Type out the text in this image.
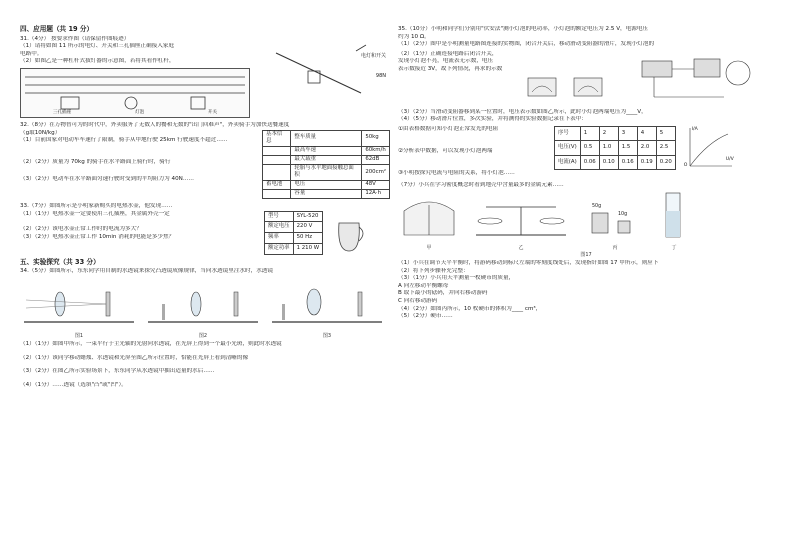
四、应用题（共 19 分）
31.（4分） 按要求作图（请保留作图痕迹）
（1）请将如图 11 所示的电灯、开关和三孔插座正确接入家庭
电路中。
（2）如图乙是一种杠杆式拔钉器的示意图，若将其看作杠杆，
三孔插座	灯泡	开关
电灯和开关
98N
32.（8分）在万物智可为的时代中，外卖服务了无数人的餐和无数的"出门回难声"，外卖骑手为加快送餐速度
（g取10N/kg）
（1）目前国家对电动车车速行了限制，骑手从甲地行驶 25km 行驶速度不超过……
（2）（2分）质量为 70kg 的骑手在水平路面上骑行时，骑行
（3）（2分）电动车在水平路面匀速行驶时受到的平均阻力为 40N……
基本信息	整车质量	50kg
	最高车速	60km/h
	最大载重	62dB
	轮胎与水平地面接触总面积	200cm²
蓄电池	电压	48V
	容量	12A·h
33.（7分）如图所示是小明家新购买的电热水壶，他发现……
（1）（1分）电热水壶一定要使用三孔插座，其金属外壳一定
（2）（2分）该电水壶正常工作时的电流为多大？
（3）（2分）电热水壶正常工作 10min 消耗的电能是多少焦？
型号	SYL-520
额定电压	220 V
频率	50 Hz
额定功率	1 210 W
五、实验探究（共 33 分）
34.（5分）如图所示，东东同学用自制的水透镜来探究凸透镜成像规律，当向水透镜里注水时，水透镜
图1	图2	图3
（1）（1分）如图甲所示，一束平行于主光轴的光射向水透镜，在光屏上得到一个最小光斑，则此时水透镜
（2）（1分）该同学移动蜡烛、水透镜和光屏至图乙所示位置时，恰能在光屏上看到清晰的像
（3）（2分）在图乙所示实验场景下，东东同学从水透镜中抽出适量的水后……
（4）（1分）……透镜（选填"凸"或"凹"）。
35.（10分）小明和同学们分别用"伏安法"测小灯泡的电功率，小灯泡的额定电压为 2.5 V，电源电压
约为 10 Ω。
（1）（2分）图甲是小明测量电路图连接的实物图，闭合开关后，移动滑动变阻器的滑片，发现小灯泡的
（2）（1分）正确连接电路后闭合开关，
发现小灯泡不亮，电流表无示数，电压
表示数接近 3V，故下列情况，再求的示数
（3）（2分）当滑动变阻器移到某一位置时，电压表示数如图乙所示，此时小灯泡两端电压为____V，
（4）（5分）移动滑片位置，多次实验，并将测得的实验数据记录在下表中：
①由表格数据可知小灯泡正常发光的电阻
②分析表中数据，可以发现小灯泡两端
序号	1	2	3	4	5
电压(V)	0.5	1.0	1.5	2.0	2.5
电流(A)	0.06	0.10	0.16	0.19	0.20
I/A
U/V
O
③小明按探究电流与电阻的关系，将小灯泡……
（7分）小兵在学习密度概念时看到地壳中含量最多的金属元素……
甲	乙
50g
10g
丙	丁
图17
（1）小兵在调节天平平衡时，将游码移动到标尺左端的零刻度线处后，发现指针如图 17 甲所示，则应下
（2）将下列步骤补充完整：
（3）（1分）小兵用天平测量一枚硬币的质量，
A 向左移动平衡螺母
B 取下最小的砝码，并向右移动游码
C 向右移动游码
（4）（2分）如图丙所示，10 枚硬币的体积为____ cm³，
（5）（2分）硬币……
